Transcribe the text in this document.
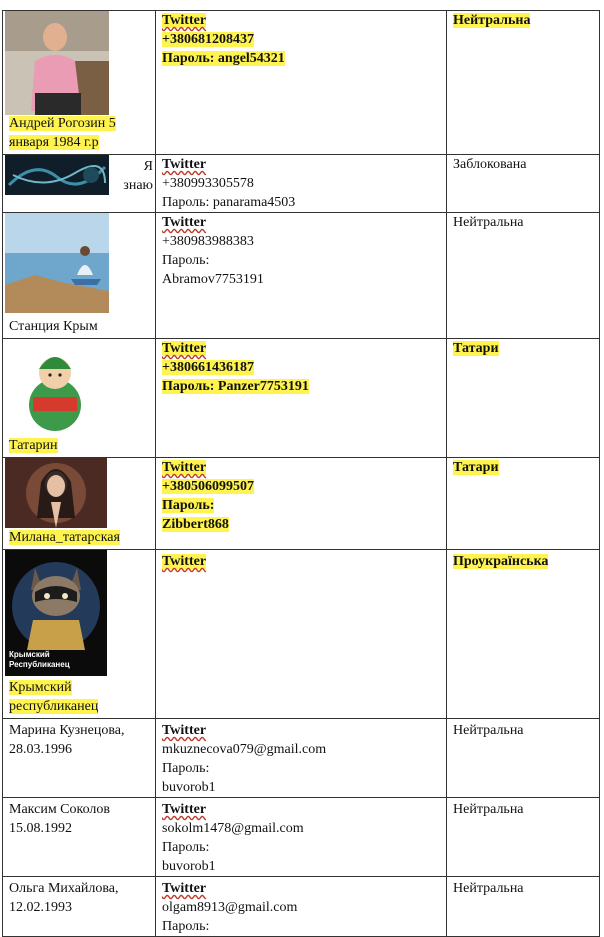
Андрей Рогозин 5 января 1984 г.р	Twitter
+380681208437
Пароль: angel54321	Нейтральна

Я знаю	Twitter
+380993305578
Пароль: panarama4503	Заблокована

Станция Крым	Twitter
+380983988383
Пароль:
Abramov7753191	Нейтральна

Татарин	Twitter
+380661436187
Пароль: Panzer7753191	Татари

Милана_татарская	Twitter
+380506099507
Пароль:
Zibbert868	Татари

Крымский Республиканец
Крымский республиканец	Twitter	Проукраїнська

Марина Кузнецова, 28.03.1996	Twitter
mkuznecova079@gmail.com
Пароль:
buvorob1	Нейтральна

Максим Соколов 15.08.1992	Twitter
sokolm1478@gmail.com
Пароль:
buvorob1	Нейтральна

Ольга Михайлова, 12.02.1993	Twitter
olgam8913@gmail.com
Пароль:	Нейтральна
